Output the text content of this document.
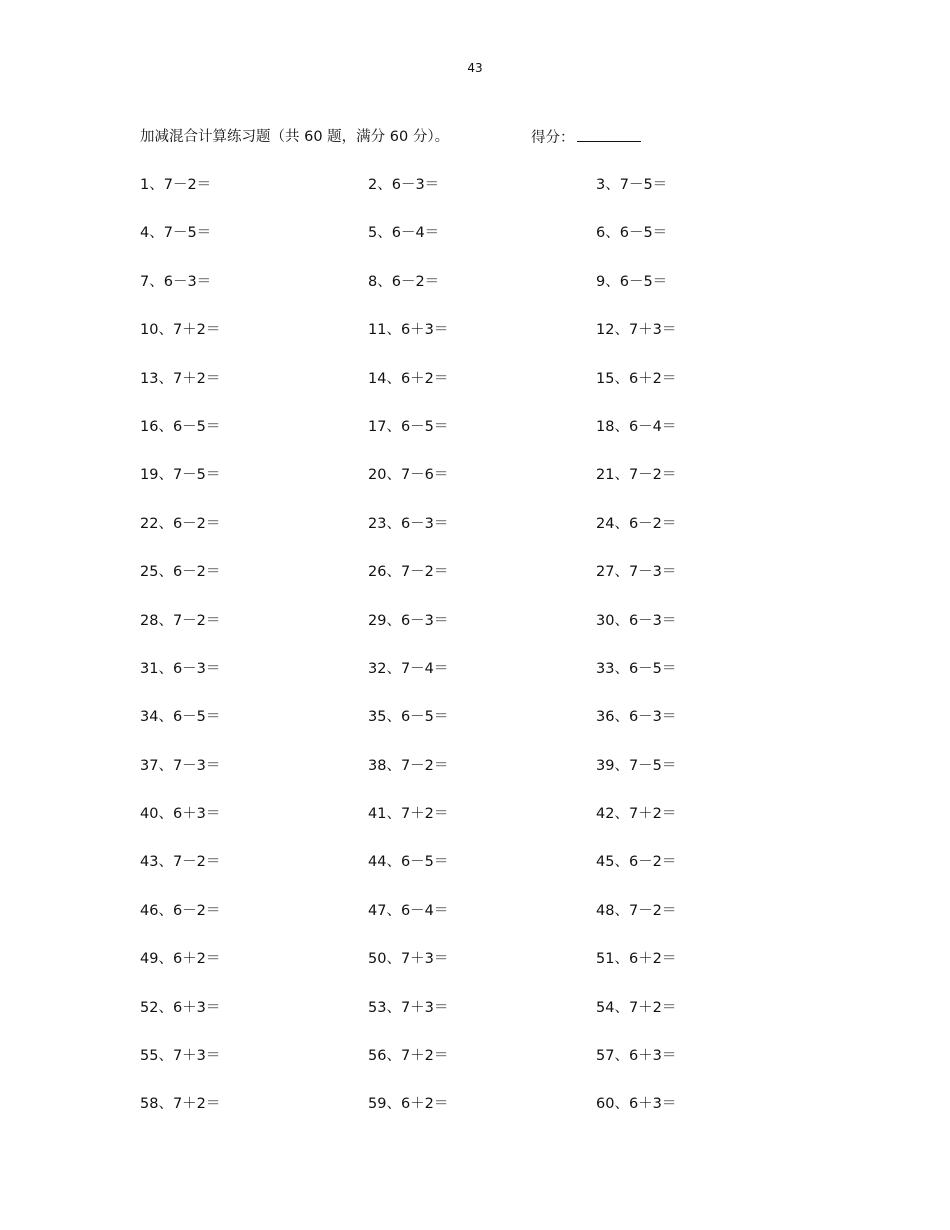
43
加减混合计算练习题（共 60 题，满分 60 分）。	得分：
1、7－2＝	2、6－3＝	3、7－5＝
4、7－5＝	5、6－4＝	6、6－5＝
7、6－3＝	8、6－2＝	9、6－5＝
10、7＋2＝	11、6＋3＝	12、7＋3＝
13、7＋2＝	14、6＋2＝	15、6＋2＝
16、6－5＝	17、6－5＝	18、6－4＝
19、7－5＝	20、7－6＝	21、7－2＝
22、6－2＝	23、6－3＝	24、6－2＝
25、6－2＝	26、7－2＝	27、7－3＝
28、7－2＝	29、6－3＝	30、6－3＝
31、6－3＝	32、7－4＝	33、6－5＝
34、6－5＝	35、6－5＝	36、6－3＝
37、7－3＝	38、7－2＝	39、7－5＝
40、6＋3＝	41、7＋2＝	42、7＋2＝
43、7－2＝	44、6－5＝	45、6－2＝
46、6－2＝	47、6－4＝	48、7－2＝
49、6＋2＝	50、7＋3＝	51、6＋2＝
52、6＋3＝	53、7＋3＝	54、7＋2＝
55、7＋3＝	56、7＋2＝	57、6＋3＝
58、7＋2＝	59、6＋2＝	60、6＋3＝
